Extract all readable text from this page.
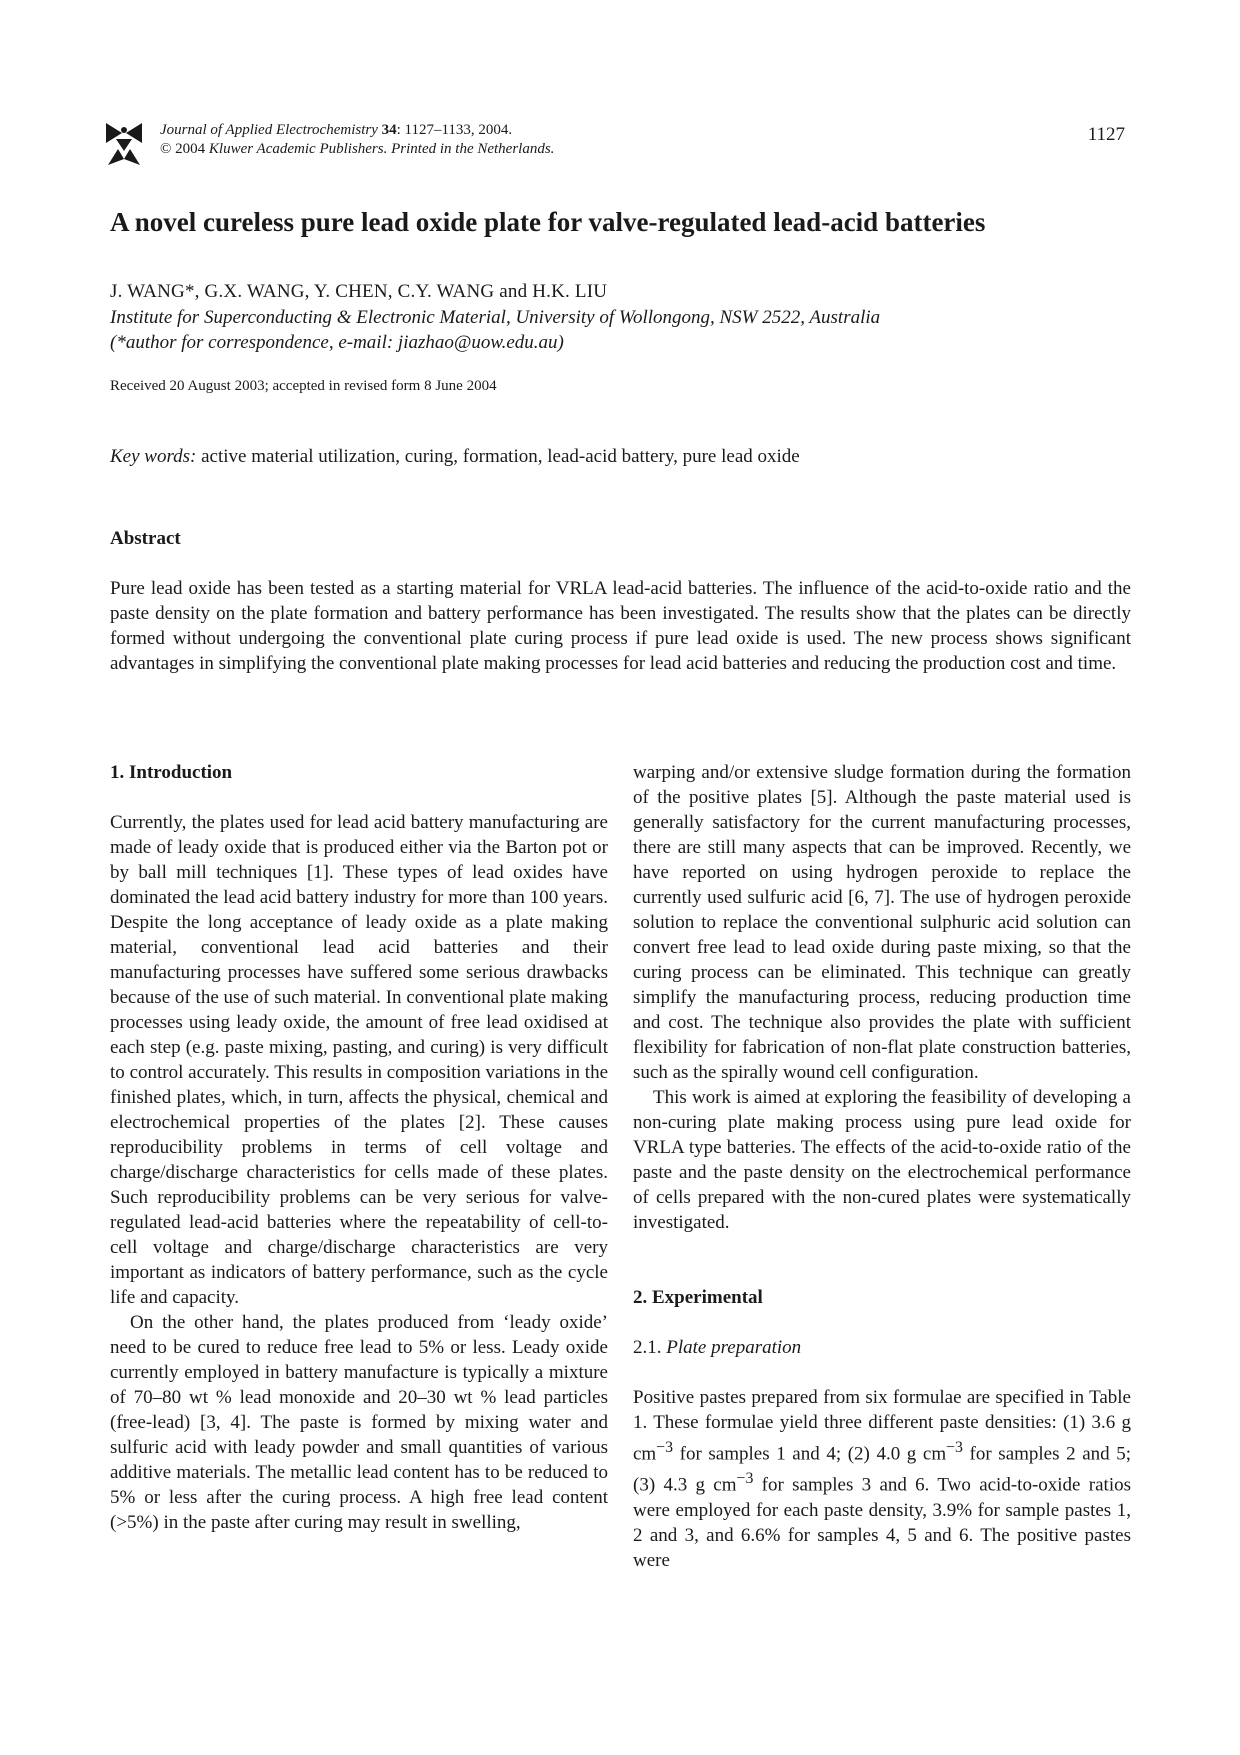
Journal of Applied Electrochemistry 34: 1127–1133, 2004.
© 2004 Kluwer Academic Publishers. Printed in the Netherlands.
1127
A novel cureless pure lead oxide plate for valve-regulated lead-acid batteries
J. WANG*, G.X. WANG, Y. CHEN, C.Y. WANG and H.K. LIU
Institute for Superconducting & Electronic Material, University of Wollongong, NSW 2522, Australia
(*author for correspondence, e-mail: jiazhao@uow.edu.au)
Received 20 August 2003; accepted in revised form 8 June 2004
Key words: active material utilization, curing, formation, lead-acid battery, pure lead oxide
Abstract

Pure lead oxide has been tested as a starting material for VRLA lead-acid batteries. The influence of the acid-to-oxide ratio and the paste density on the plate formation and battery performance has been investigated. The results show that the plates can be directly formed without undergoing the conventional plate curing process if pure lead oxide is used. The new process shows significant advantages in simplifying the conventional plate making processes for lead acid batteries and reducing the production cost and time.

1. Introduction

Currently, the plates used for lead acid battery manufacturing are made of leady oxide that is produced either via the Barton pot or by ball mill techniques [1]. These types of lead oxides have dominated the lead acid battery industry for more than 100 years. Despite the long acceptance of leady oxide as a plate making material, conventional lead acid batteries and their manufacturing processes have suffered some serious drawbacks because of the use of such material. In conventional plate making processes using leady oxide, the amount of free lead oxidised at each step (e.g. paste mixing, pasting, and curing) is very difficult to control accurately. This results in composition variations in the finished plates, which, in turn, affects the physical, chemical and electrochemical properties of the plates [2]. These causes reproducibility problems in terms of cell voltage and charge/discharge characteristics for cells made of these plates. Such reproducibility problems can be very serious for valve-regulated lead-acid batteries where the repeatability of cell-to-cell voltage and charge/discharge characteristics are very important as indicators of battery performance, such as the cycle life and capacity.

On the other hand, the plates produced from ‘leady oxide’ need to be cured to reduce free lead to 5% or less. Leady oxide currently employed in battery manufacture is typically a mixture of 70–80 wt % lead monoxide and 20–30 wt % lead particles (free-lead) [3, 4]. The paste is formed by mixing water and sulfuric acid with leady powder and small quantities of various additive materials. The metallic lead content has to be reduced to 5% or less after the curing process. A high free lead content (>5%) in the paste after curing may result in swelling,

warping and/or extensive sludge formation during the formation of the positive plates [5]. Although the paste material used is generally satisfactory for the current manufacturing processes, there are still many aspects that can be improved. Recently, we have reported on using hydrogen peroxide to replace the currently used sulfuric acid [6, 7]. The use of hydrogen peroxide solution to replace the conventional sulphuric acid solution can convert free lead to lead oxide during paste mixing, so that the curing process can be eliminated. This technique can greatly simplify the manufacturing process, reducing production time and cost. The technique also provides the plate with sufficient flexibility for fabrication of non-flat plate construction batteries, such as the spirally wound cell configuration.

This work is aimed at exploring the feasibility of developing a non-curing plate making process using pure lead oxide for VRLA type batteries. The effects of the acid-to-oxide ratio of the paste and the paste density on the electrochemical performance of cells prepared with the non-cured plates were systematically investigated.

2. Experimental

2.1. Plate preparation

Positive pastes prepared from six formulae are specified in Table 1. These formulae yield three different paste densities: (1) 3.6 g $cm^{-3}$ for samples 1 and 4; (2) 4.0 g $cm^{-3}$ for samples 2 and 5; (3) 4.3 g $cm^{-3}$ for samples 3 and 6. Two acid-to-oxide ratios were employed for each paste density, 3.9% for sample pastes 1, 2 and 3, and 6.6% for samples 4, 5 and 6. The positive pastes were
